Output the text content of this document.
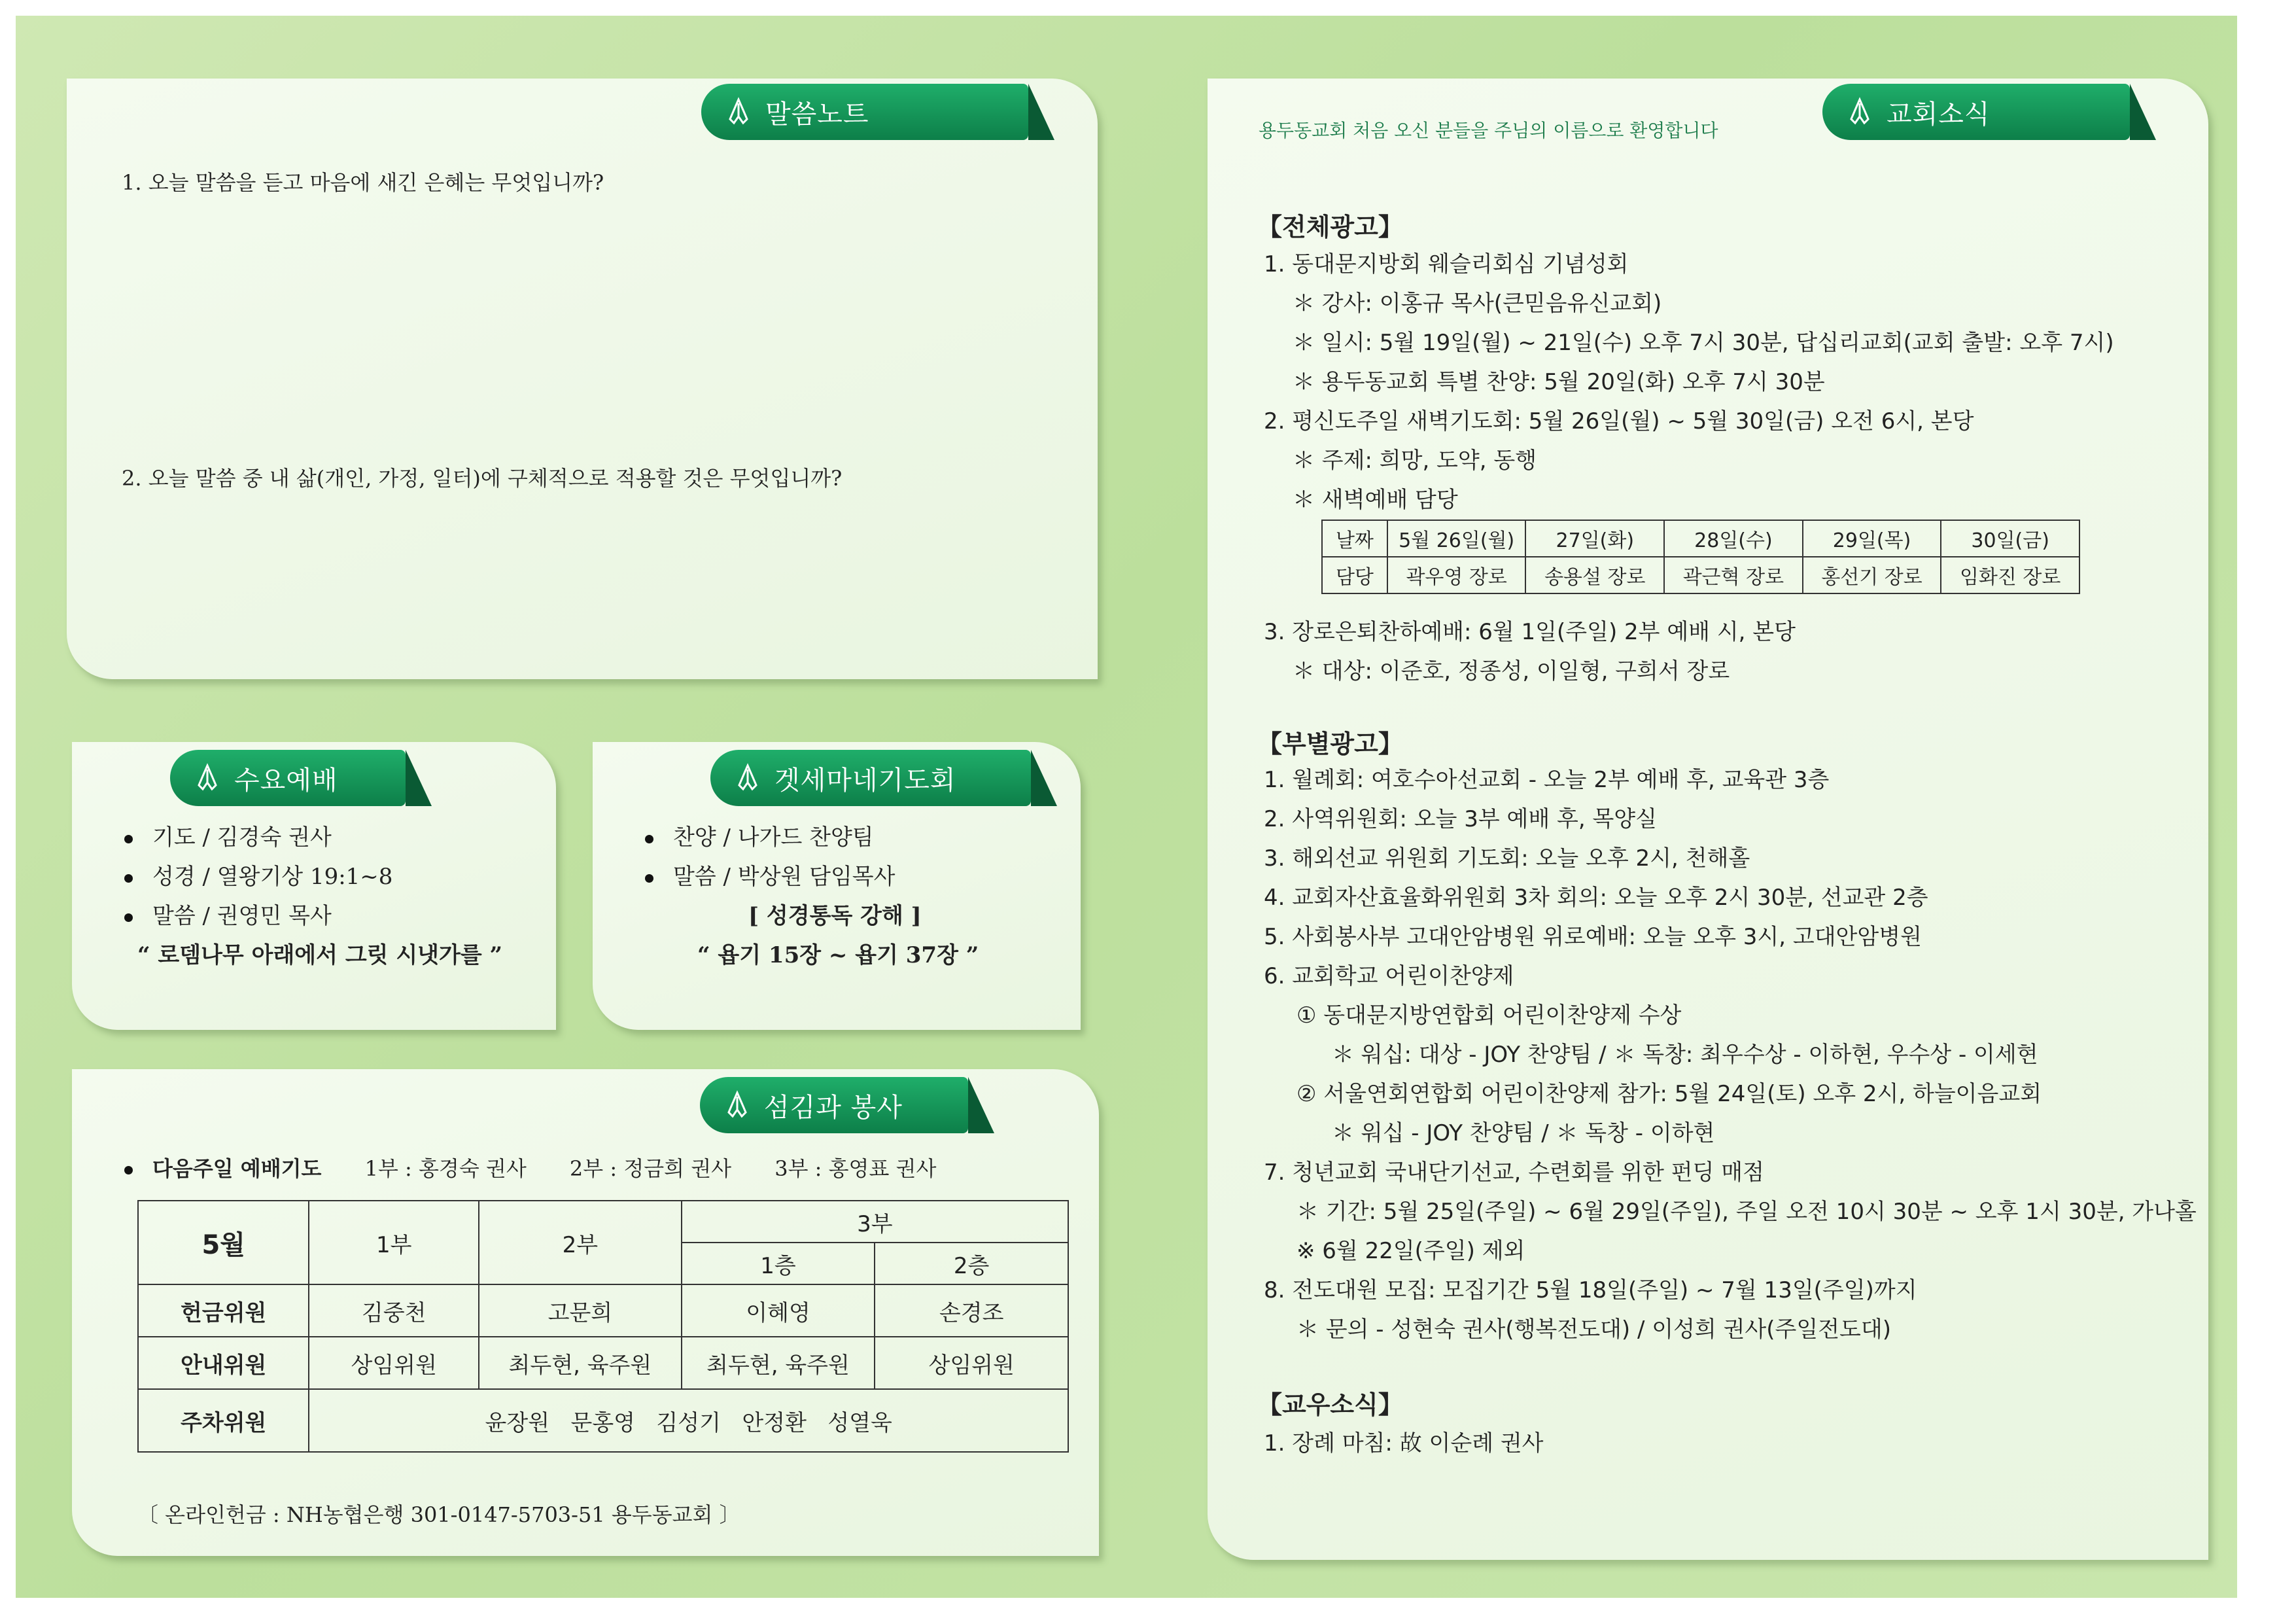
말씀노트
1. 오늘 말씀을 듣고 마음에 새긴 은혜는 무엇입니까?
2. 오늘 말씀 중 내 삶(개인, 가정, 일터)에 구체적으로 적용할 것은 무엇입니까?
수요예배
기도 / 김경숙 권사
성경 / 열왕기상 19:1~8
말씀 / 권영민 목사
“ 로뎀나무 아래에서 그릿 시냇가를 ”
겟세마네기도회
찬양 / 나가드 찬양팀
말씀 / 박상원 담임목사
[ 성경통독 강해 ]
“ 욥기 15장 ~ 욥기 37장 ”
섬김과 봉사
다음주일 예배기도 1부 : 홍경숙 권사 2부 : 정금희 권사 3부 : 홍영표 권사
5월	1부	2부	3부	
			1층	2층
헌금위원	김중천	고문희	이혜영	손경조
안내위원	상임위원	최두현, 육주원	최두현, 육주원	상임위원
주차위원	윤장원   문홍영   김성기   안정환   성열욱			
〔 온라인헌금 : NH농협은행 301-0147-5703-51 용두동교회 〕
교회소식
용두동교회 처음 오신 분들을 주님의 이름으로 환영합니다
【전체광고】
1. 동대문지방회 웨슬리회심 기념성회
＊ 강사: 이홍규 목사(큰믿음유신교회)
＊ 일시: 5월 19일(월) ~ 21일(수) 오후 7시 30분, 답십리교회(교회 출발: 오후 7시)
＊ 용두동교회 특별 찬양: 5월 20일(화) 오후 7시 30분
2. 평신도주일 새벽기도회: 5월 26일(월) ~ 5월 30일(금) 오전 6시, 본당
＊ 주제: 희망, 도약, 동행
＊ 새벽예배 담당
날짜	5월 26일(월)	27일(화)	28일(수)	29일(목)	30일(금)
담당	곽우영 장로	송용설 장로	곽근혁 장로	홍선기 장로	임화진 장로
3. 장로은퇴찬하예배: 6월 1일(주일) 2부 예배 시, 본당
＊ 대상: 이준호, 정종성, 이일형, 구희서 장로
【부별광고】
1. 월례회: 여호수아선교회 - 오늘 2부 예배 후, 교육관 3층
2. 사역위원회: 오늘 3부 예배 후, 목양실
3. 해외선교 위원회 기도회: 오늘 오후 2시, 천해홀
4. 교회자산효율화위원회 3차 회의: 오늘 오후 2시 30분, 선교관 2층
5. 사회봉사부 고대안암병원 위로예배: 오늘 오후 3시, 고대안암병원
6. 교회학교 어린이찬양제
① 동대문지방연합회 어린이찬양제 수상
＊ 워십: 대상 - JOY 찬양팀 / ＊ 독창: 최우수상 - 이하현, 우수상 - 이세현
② 서울연회연합회 어린이찬양제 참가: 5월 24일(토) 오후 2시, 하늘이음교회
＊ 워십 - JOY 찬양팀 / ＊ 독창 - 이하현
7. 청년교회 국내단기선교, 수련회를 위한 펀딩 매점
＊ 기간: 5월 25일(주일) ~ 6월 29일(주일), 주일 오전 10시 30분 ~ 오후 1시 30분, 가나홀
※ 6월 22일(주일) 제외
8. 전도대원 모집: 모집기간 5월 18일(주일) ~ 7월 13일(주일)까지
＊ 문의 - 성현숙 권사(행복전도대) / 이성희 권사(주일전도대)
【교우소식】
1. 장례 마침: 故 이순례 권사
